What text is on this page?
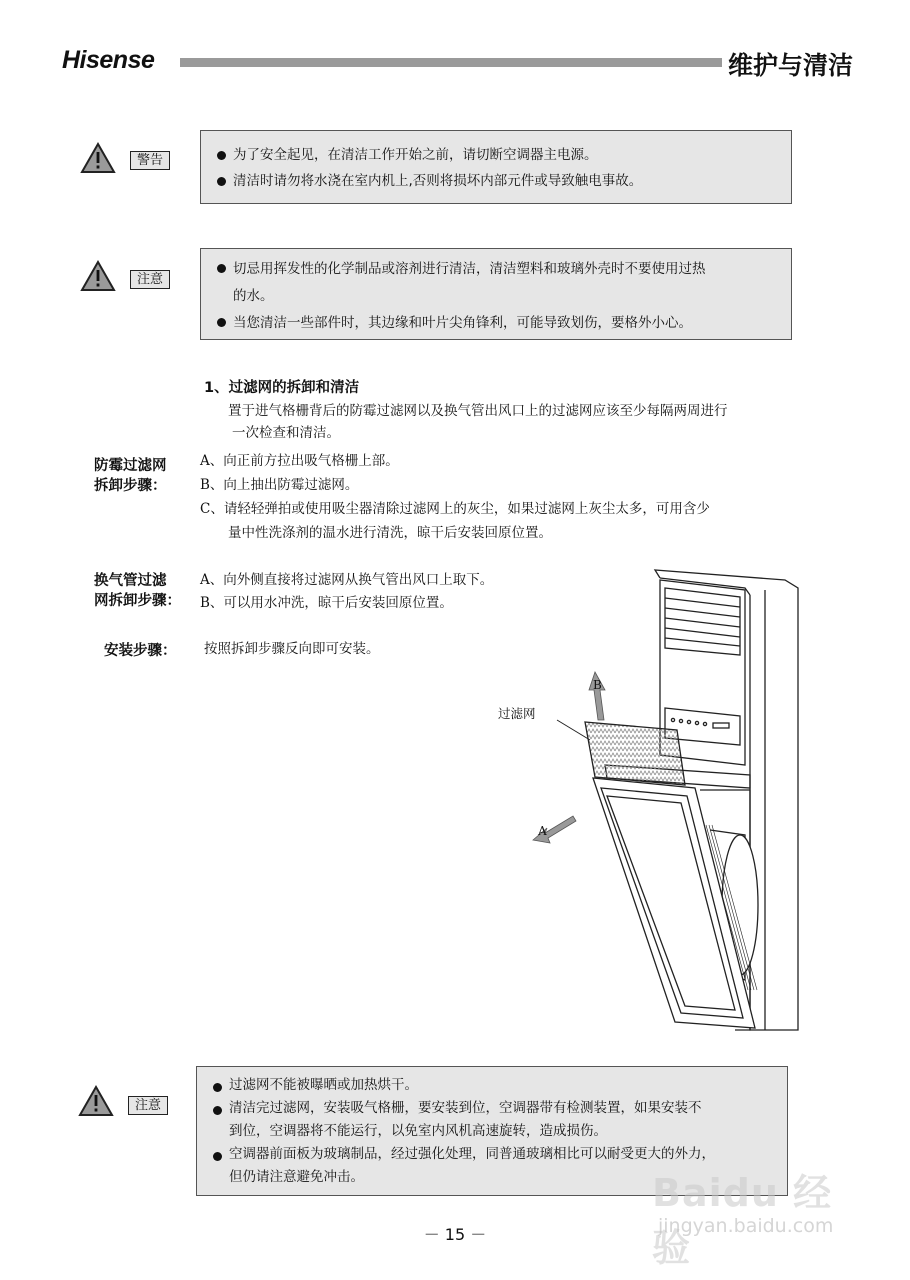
Hisense	维护与清洁
警告	为了安全起见，在清洁工作开始之前，请切断空调器主电源。
清洁时请勿将水浇在室内机上,否则将损坏内部元件或导致触电事故。
注意
切忌用挥发性的化学制品或溶剂进行清洁，清洁塑料和玻璃外壳时不要使用过热
的水。
当您清洁一些部件时，其边缘和叶片尖角锋利，可能导致划伤，要格外小心。
1、过滤网的拆卸和清洁
置于进气格栅背后的防霉过滤网以及换气管出风口上的过滤网应该至少每隔两周进行
一次检查和清洁。
防霉过滤网
拆卸步骤：
A、向正前方拉出吸气格栅上部。
B、向上抽出防霉过滤网。
C、请轻轻弹拍或使用吸尘器清除过滤网上的灰尘，如果过滤网上灰尘太多，可用含少
量中性洗涤剂的温水进行清洗，晾干后安装回原位置。
换气管过滤
网拆卸步骤：
A、向外侧直接将过滤网从换气管出风口上取下。
B、可以用水冲洗，晾干后安装回原位置。
安装步骤： 按照拆卸步骤反向即可安装。
过滤网
B
A
注意
过滤网不能被曝晒或加热烘干。
清洁完过滤网，安装吸气格栅，要安装到位，空调器带有检测装置，如果安装不
到位，空调器将不能运行，以免室内风机高速旋转，造成损伤。
空调器前面板为玻璃制品，经过强化处理，同普通玻璃相比可以耐受更大的外力，
但仍请注意避免冲击。	Baidu 经验
jingyan.baidu.com
－ 15 －
